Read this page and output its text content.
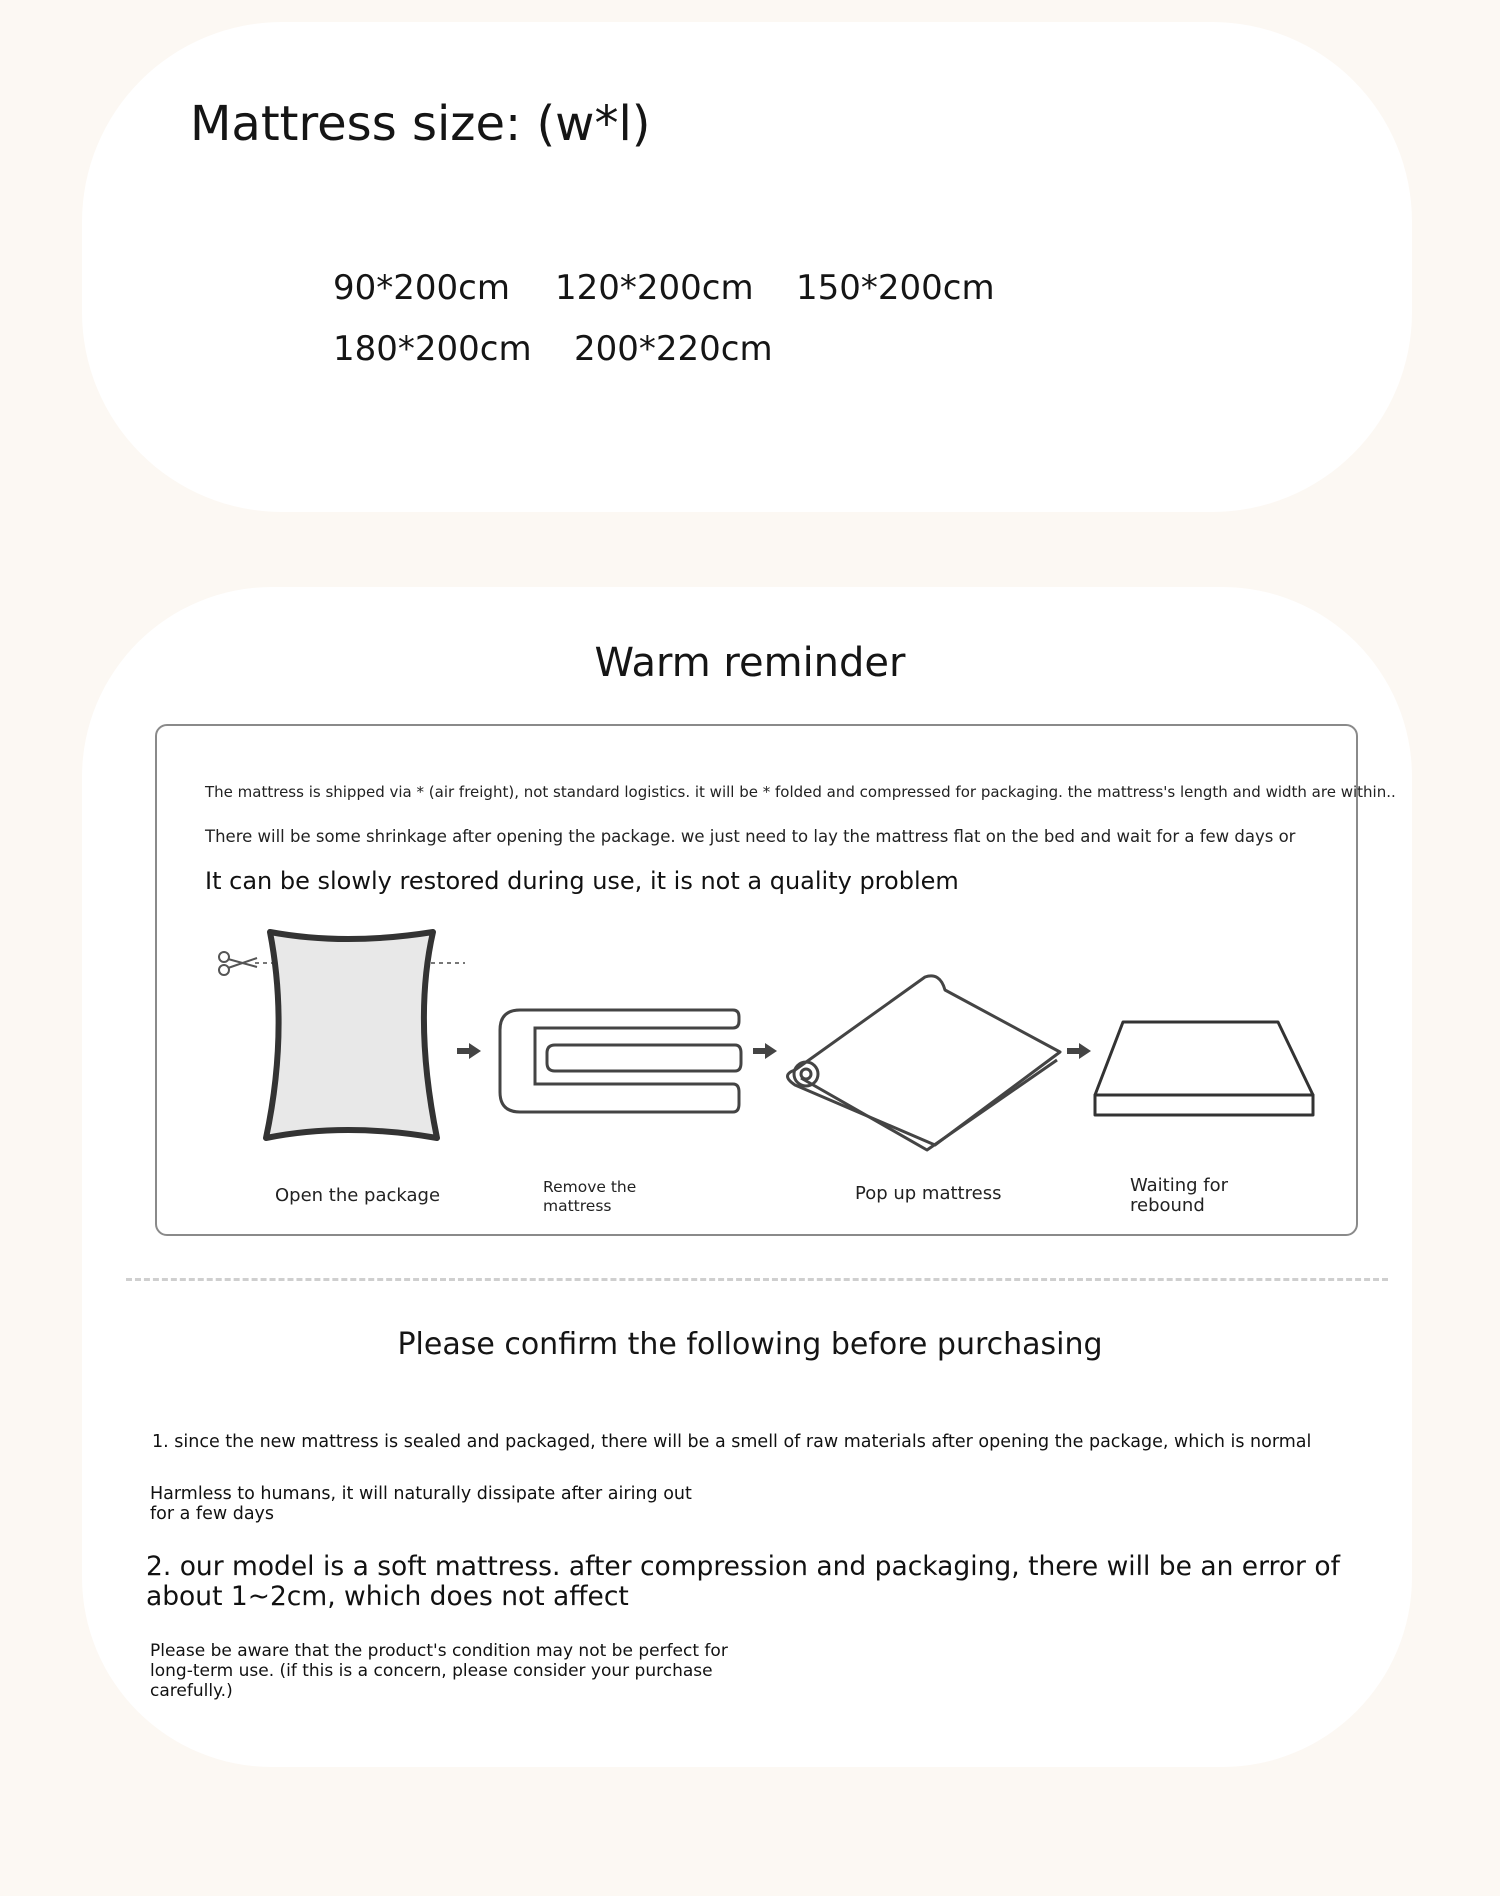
Mattress size: (w*l)
90*200cm 120*200cm 150*200cm
180*200cm 200*220cm
Warm reminder
The mattress is shipped via * (air freight), not standard logistics. it will be * folded and compressed for packaging. the mattress's length and width are within..
There will be some shrinkage after opening the package. we just need to lay the mattress flat on the bed and wait for a few days or
It can be slowly restored during use, it is not a quality problem
Open the package	Remove the mattress
Pop up mattress	Waiting for rebound
Please confirm the following before purchasing
1. since the new mattress is sealed and packaged, there will be a smell of raw materials after opening the package, which is normal
Harmless to humans, it will naturally dissipate after airing out for a few days
2. our model is a soft mattress. after compression and packaging, there will be an error of about 1~2cm, which does not affect
Please be aware that the product's condition may not be perfect for long-term use. (if this is a concern, please consider your purchase carefully.)
